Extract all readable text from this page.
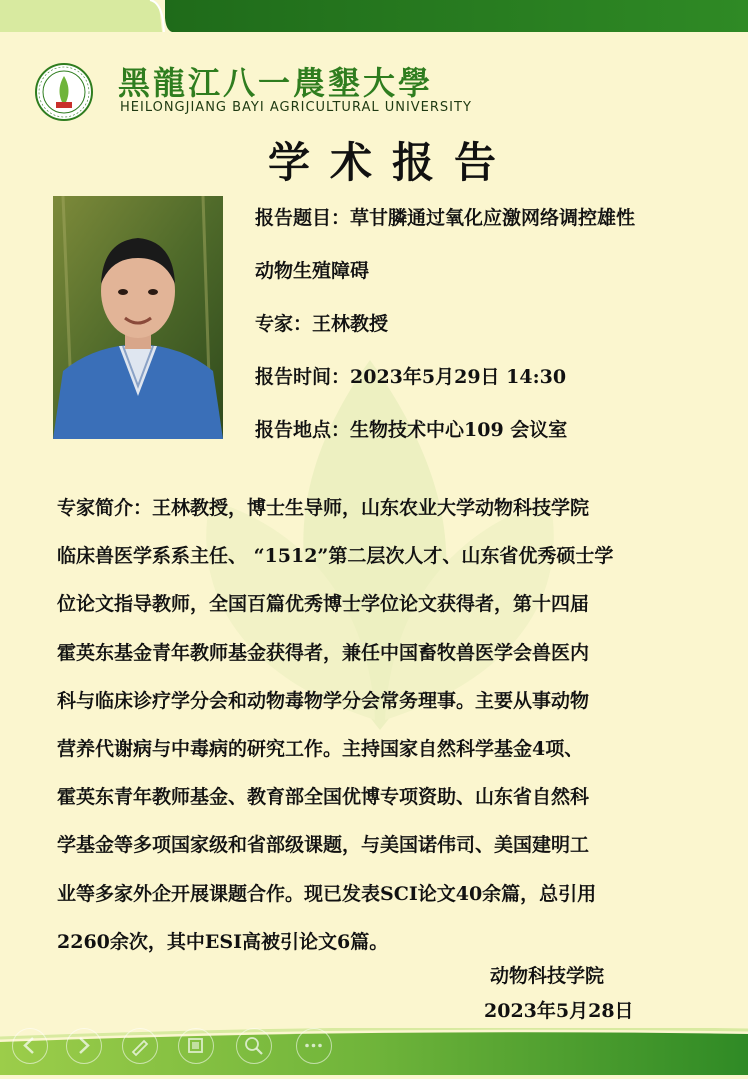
黑龍江八一農墾大學
HEILONGJIANG BAYI AGRICULTURAL UNIVERSITY
学术报告
报告题目：草甘膦通过氧化应激网络调控雄性
动物生殖障碍
专家：王林教授
报告时间：2023年5月29日 14:30
报告地点：生物技术中心109 会议室

专家简介：王林教授，博士生导师，山东农业大学动物科技学院

临床兽医学系系主任、 “1512”第二层次人才、山东省优秀硕士学

位论文指导教师，全国百篇优秀博士学位论文获得者，第十四届

霍英东基金青年教师基金获得者，兼任中国畜牧兽医学会兽医内

科与临床诊疗学分会和动物毒物学分会常务理事。主要从事动物

营养代谢病与中毒病的研究工作。主持国家自然科学基金4项、

霍英东青年教师基金、教育部全国优博专项资助、山东省自然科

学基金等多项国家级和省部级课题，与美国诺伟司、美国建明工

业等多家外企开展课题合作。现已发表SCI论文40余篇，总引用

2260余次，其中ESI高被引论文6篇。

动物科技学院
2023年5月28日
